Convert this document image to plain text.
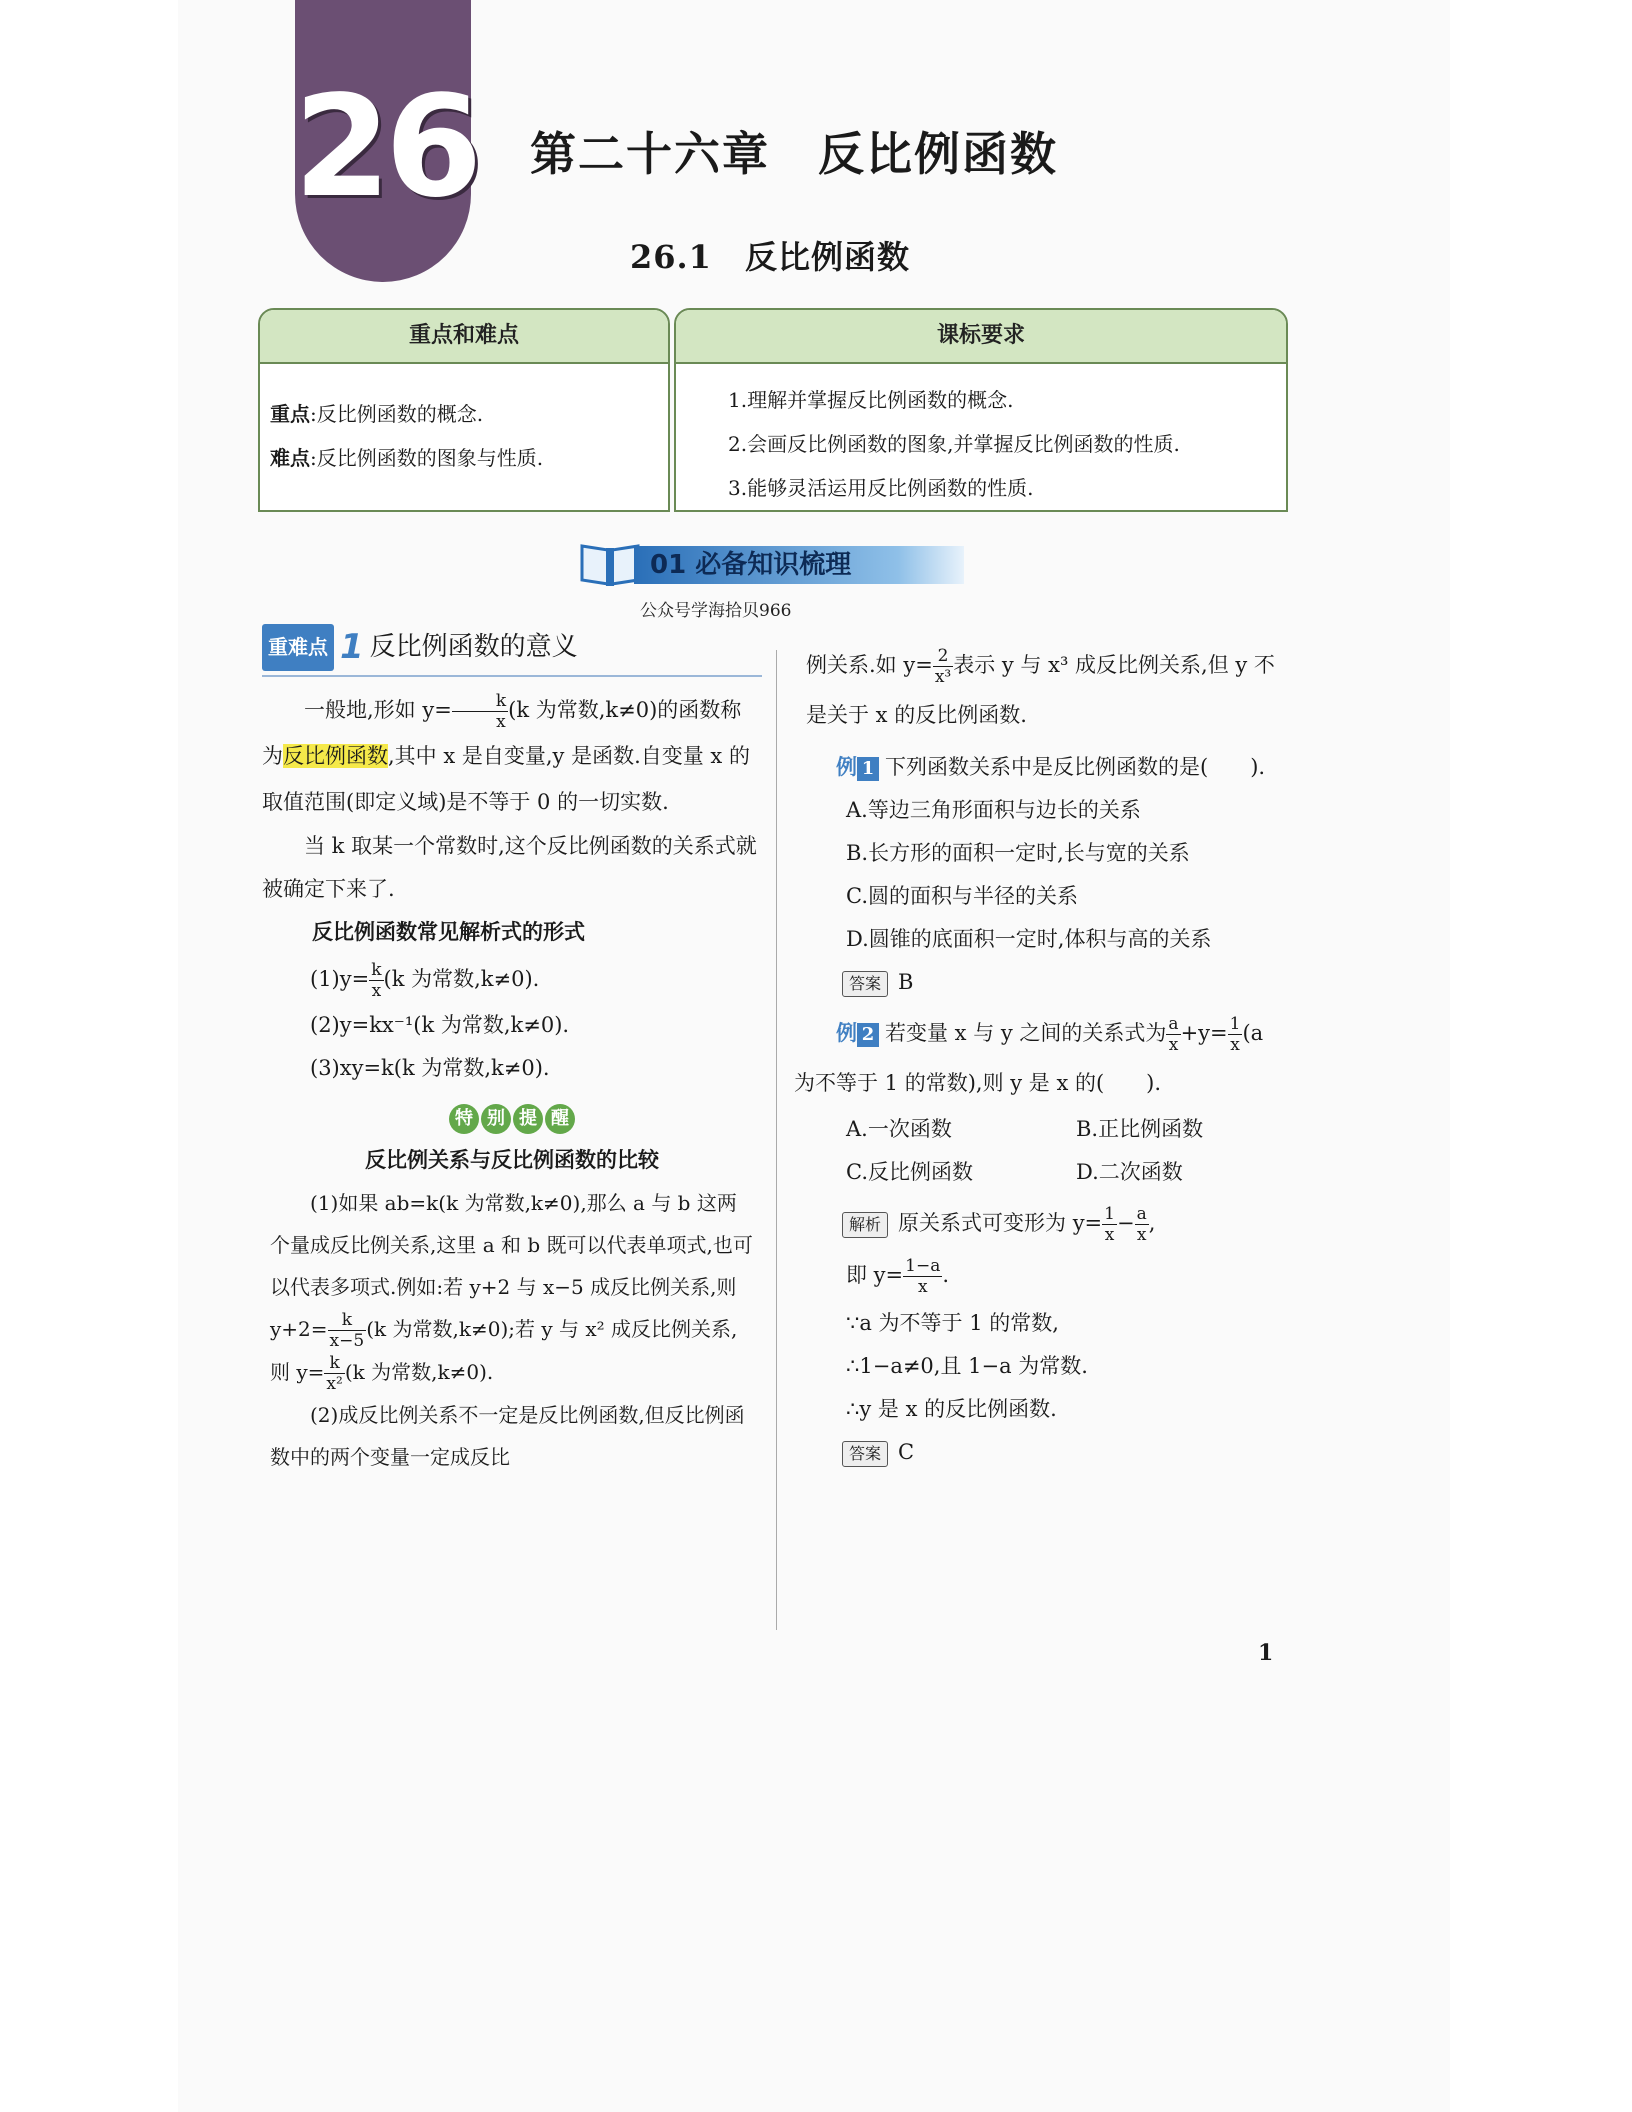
26 第二十六章　反比例函数
26.1　反比例函数
重点和难点
重点:反比例函数的概念.
难点:反比例函数的图象与性质.
课标要求
1.理解并掌握反比例函数的概念.
2.会画反比例函数的图象,并掌握反比例函数的性质.
3.能够灵活运用反比例函数的性质.
01 必备知识梳理
公众号学海拾贝966
重难点 1 反比例函数的意义

一般地,形如 $y= \frac{k}{x} (k$ 为常数,k≠0)的函数称为反比例函数,其中 x 是自变量,y 是函数.自变量 x 的取值范围(即定义域)是不等于 0 的一切实数.

当 k 取某一个常数时,这个反比例函数的关系式就被确定下来了.

反比例函数常见解析式的形式
$(1)y= \frac{k}{x} (k$ 为常数,k≠0).
(2)y=kx⁻¹(k 为常数,k≠0).
(3)xy=k(k 为常数,k≠0).
特 别 提 醒
反比例关系与反比例函数的比较
(1)如果 ab=k(k 为常数,k≠0),那么 a 与 b 这两个量成反比例关系,这里 a 和 b 既可以代表单项式,也可以代表多项式.例如:若 y+2 与 x−5 成反比例关系,则 $y+2= \frac{k}{x-5} (k$ 为常数,k≠0);若 y 与 x² 成反比例关系,则 $y= \frac{k}{\text{x²}} (k$ 为常数,k≠0).
(2)成反比例关系不一定是反比例函数,但反比例函数中的两个变量一定成反比
例关系.如 $y= \frac{2}{\text{x³}}$ 表示 y 与 x³ 成反比例关系,但 y 不是关于 x 的反比例函数.
例 1 下列函数关系中是反比例函数的是(　　).
A.等边三角形面积与边长的关系
B.长方形的面积一定时,长与宽的关系
C.圆的面积与半径的关系
D.圆锥的底面积一定时,体积与高的关系
答案 B
例 2 若变量 x 与 y 之间的关系式为 $\frac{a}{x} +y= \frac{1}{x} (a$ 为不等于 1 的常数),则 y 是 x 的(　　).
A.一次函数	B.正比例函数
C.反比例函数	D.二次函数
解析 原关系式可变形为 $y= \frac{1}{x} - \frac{a}{x}$ ,
即 $y= \frac{1-a}{x}$ .
∵a 为不等于 1 的常数,
∴1−a≠0,且 1−a 为常数.
∴y 是 x 的反比例函数.
答案 C
1
